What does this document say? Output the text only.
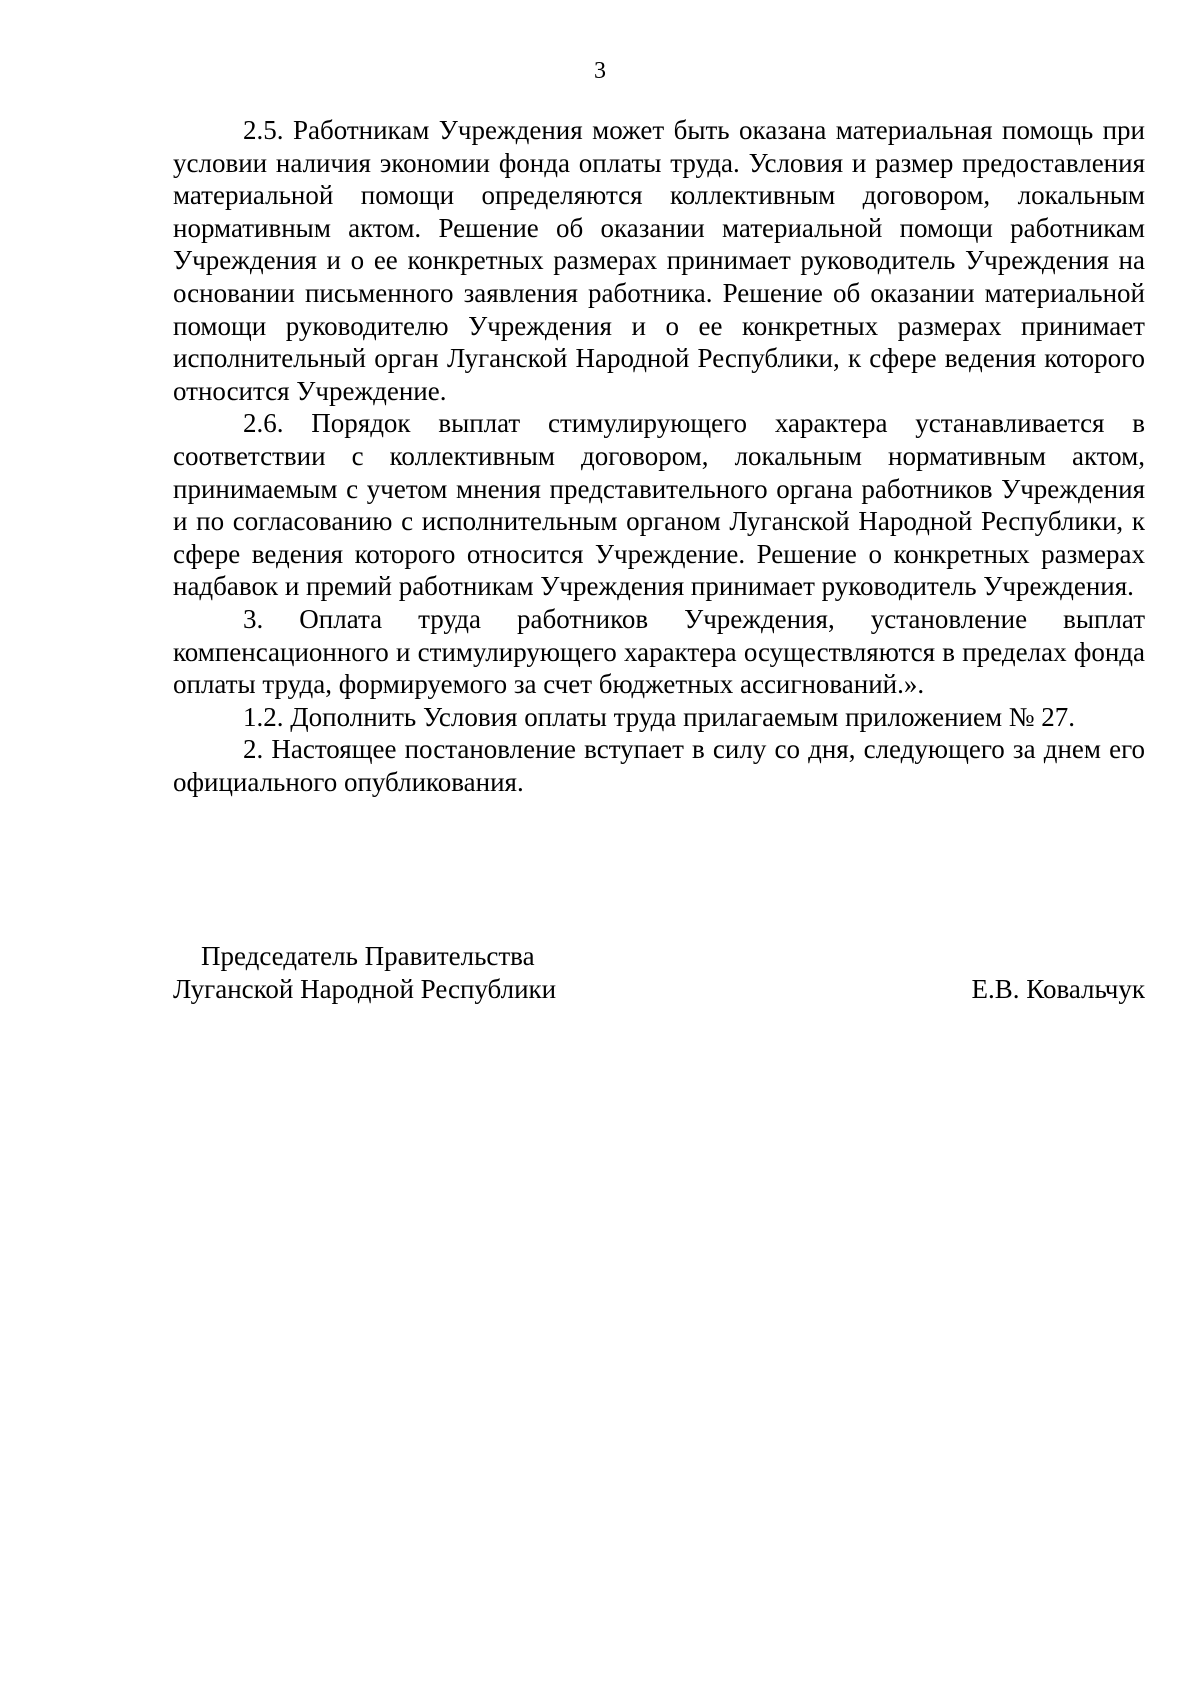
3

2.5. Работникам Учреждения может быть оказана материальная помощь при условии наличия экономии фонда оплаты труда. Условия и размер предоставления материальной помощи определяются коллективным договором, локальным нормативным актом. Решение об оказании материальной помощи работникам Учреждения и о ее конкретных размерах принимает руководитель Учреждения на основании письменного заявления работника. Решение об оказании материальной помощи руководителю Учреждения и о ее конкретных размерах принимает исполнительный орган Луганской Народной Республики, к сфере ведения которого относится Учреждение.

2.6. Порядок выплат стимулирующего характера устанавливается в соответствии с коллективным договором, локальным нормативным актом, принимаемым с учетом мнения представительного органа работников Учреждения и по согласованию с исполнительным органом Луганской Народной Республики, к сфере ведения которого относится Учреждение. Решение о конкретных размерах надбавок и премий работникам Учреждения принимает руководитель Учреждения.

3. Оплата труда работников Учреждения, установление выплат компенсационного и стимулирующего характера осуществляются в пределах фонда оплаты труда, формируемого за счет бюджетных ассигнований.».

1.2. Дополнить Условия оплаты труда прилагаемым приложением № 27.

2. Настоящее постановление вступает в силу со дня, следующего за днем его официального опубликования.

Председатель Правительства
Луганской Народной Республики	Е.В. Ковальчук
